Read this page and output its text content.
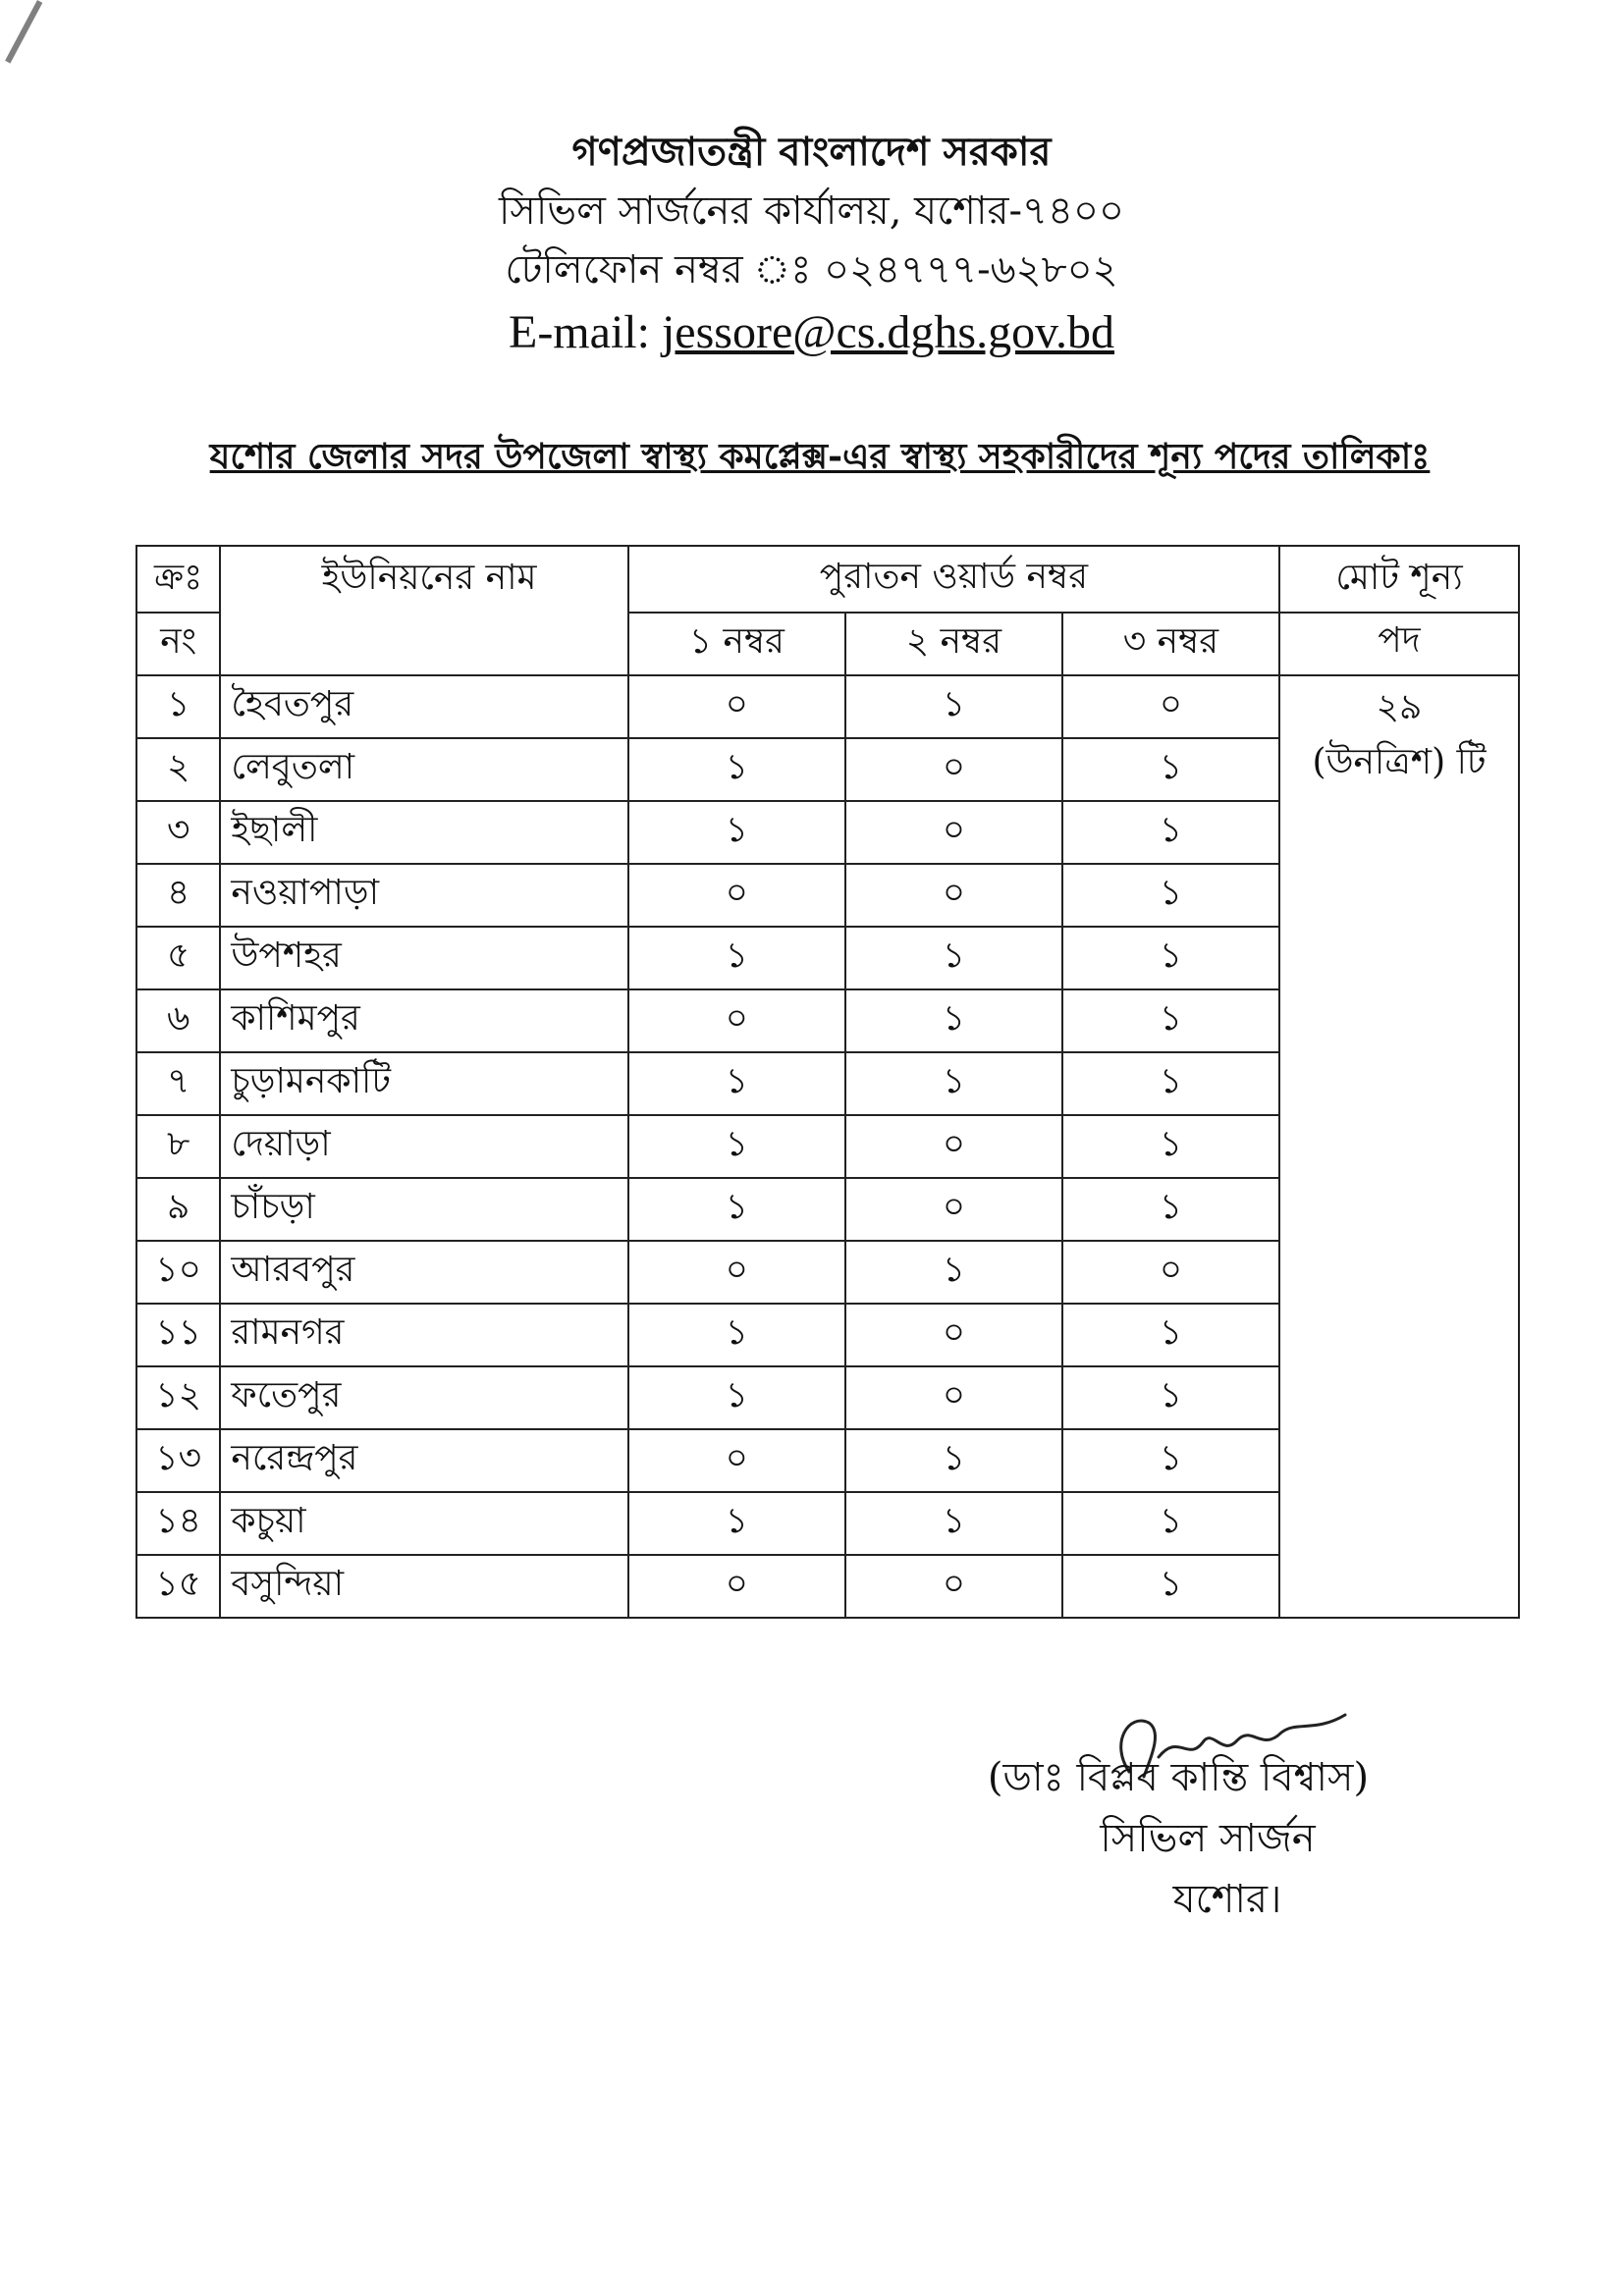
গণপ্রজাতন্ত্রী বাংলাদেশ সরকার
সিভিল সার্জনের কার্যালয়, যশোর-৭৪০০
টেলিফোন নম্বর ঃ ০২৪৭৭৭-৬২৮০২
E-mail: jessore@cs.dghs.gov.bd
যশোর জেলার সদর উপজেলা স্বাস্থ্য কমপ্লেক্স-এর স্বাস্থ্য সহকারীদের শূন্য পদের তালিকাঃ
ক্রঃ	ইউনিয়নের নাম	পুরাতন ওয়ার্ড নম্বর			মোট শূন্য
নং		১ নম্বর	২ নম্বর	৩ নম্বর	পদ
১	হৈবতপুর	০	১	০	২৯
(উনত্রিশ) টি

২	লেবুতলা	১	০	১	
৩	ইছালী	১	০	১	
৪	নওয়াপাড়া	০	০	১	
৫	উপশহর	১	১	১	
৬	কাশিমপুর	০	১	১	
৭	চুড়ামনকাটি	১	১	১	
৮	দেয়াড়া	১	০	১	
৯	চাঁচড়া	১	০	১	
১০	আরবপুর	০	১	০	
১১	রামনগর	১	০	১	
১২	ফতেপুর	১	০	১	
১৩	নরেন্দ্রপুর	০	১	১	
১৪	কচুয়া	১	১	১	
১৫	বসুন্দিয়া	০	০	১	
(ডাঃ বিপ্লব কান্তি বিশ্বাস)
সিভিল সার্জন
যশোর।
